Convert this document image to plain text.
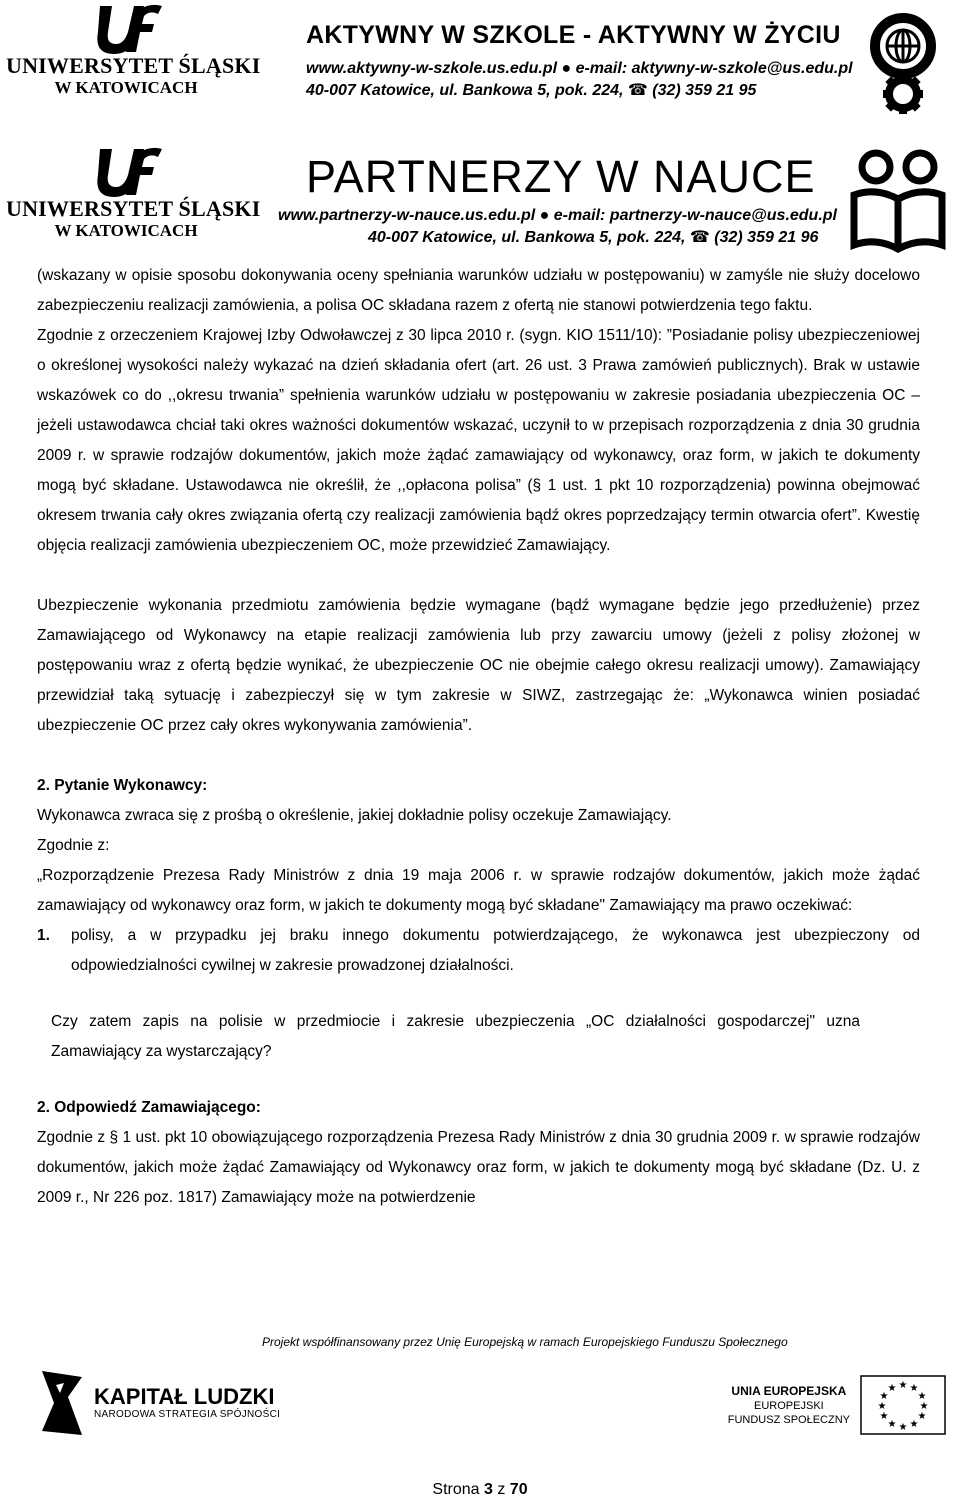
UNIWERSYTET ŚLĄSKI
W KATOWICACH
AKTYWNY W SZKOLE - AKTYWNY W ŻYCIU
www.aktywny-w-szkole.us.edu.pl ● e-mail: aktywny-w-szkole@us.edu.pl
40-007 Katowice, ul. Bankowa 5, pok. 224, ☎ (32) 359 21 95
UNIWERSYTET ŚLĄSKI
W KATOWICACH
PARTNERZY W NAUCE
www.partnerzy-w-nauce.us.edu.pl ● e-mail: partnerzy-w-nauce@us.edu.pl
40-007 Katowice, ul. Bankowa 5, pok. 224, ☎ (32) 359 21 96

(wskazany w opisie sposobu dokonywania oceny spełniania warunków udziału w postępowaniu) w zamyśle nie służy docelowo zabezpieczeniu realizacji zamówienia, a polisa OC składana razem z ofertą nie stanowi potwierdzenia tego faktu.

Zgodnie z orzeczeniem Krajowej Izby Odwoławczej z 30 lipca 2010 r. (sygn. KIO 1511/10): ”Posiadanie polisy ubezpieczeniowej o określonej wysokości należy wykazać na dzień składania ofert (art. 26 ust. 3 Prawa zamówień publicznych). Brak w ustawie wskazówek co do ,,okresu trwania” spełnienia warunków udziału w postępowaniu w zakresie posiadania ubezpieczenia OC – jeżeli ustawodawca chciał taki okres ważności dokumentów wskazać, uczynił to w przepisach rozporządzenia z dnia 30 grudnia 2009 r. w sprawie rodzajów dokumentów, jakich może żądać zamawiający od wykonawcy, oraz form, w jakich te dokumenty mogą być składane. Ustawodawca nie określił, że ,,opłacona polisa” (§ 1 ust. 1 pkt 10 rozporządzenia) powinna obejmować okresem trwania cały okres związania ofertą czy realizacji zamówienia bądź okres poprzedzający termin otwarcia ofert”. Kwestię objęcia realizacji zamówienia ubezpieczeniem OC, może przewidzieć Zamawiający.

Ubezpieczenie wykonania przedmiotu zamówienia będzie wymagane (bądź wymagane będzie jego przedłużenie) przez Zamawiającego od Wykonawcy na etapie realizacji zamówienia lub przy zawarciu umowy (jeżeli z polisy złożonej w postępowaniu wraz z ofertą będzie wynikać, że ubezpieczenie OC nie obejmie całego okresu realizacji umowy). Zamawiający przewidział taką sytuację i zabezpieczył się w tym zakresie w SIWZ, zastrzegając że: „Wykonawca winien posiadać ubezpieczenie OC przez cały okres wykonywania zamówienia”.

2. Pytanie Wykonawcy:

Wykonawca zwraca się z prośbą o określenie, jakiej dokładnie polisy oczekuje Zamawiający.

Zgodnie z:

„Rozporządzenie Prezesa Rady Ministrów z dnia 19 maja 2006 r. w sprawie rodzajów dokumentów, jakich może żądać zamawiający od wykonawcy oraz form, w jakich te dokumenty mogą być składane" Zamawiający ma prawo oczekiwać:

1.	polisy, a w przypadku jej braku innego dokumentu potwierdzającego, że wykonawca jest ubezpieczony od odpowiedzialności cywilnej w zakresie prowadzonej działalności.

Czy zatem zapis na polisie w przedmiocie i zakresie ubezpieczenia „OC działalności gospodarczej" uzna Zamawiający za wystarczający?

2. Odpowiedź Zamawiającego:

Zgodnie z § 1 ust. pkt 10 obowiązującego rozporządzenia Prezesa Rady Ministrów z dnia 30 grudnia 2009 r. w sprawie rodzajów dokumentów, jakich może żądać Zamawiający od Wykonawcy oraz form, w jakich te dokumenty mogą być składane (Dz. U. z 2009 r., Nr 226 poz. 1817) Zamawiający może na potwierdzenie

Projekt współfinansowany przez Unię Europejską w ramach Europejskiego Funduszu Społecznego
KAPITAŁ LUDZKI
NARODOWA STRATEGIA SPÓJNOŚCI
UNIA EUROPEJSKA
EUROPEJSKI
FUNDUSZ SPOŁECZNY
★ ★
★
★
★
★
★
★
★
★
★
★
Strona 3 z 70
